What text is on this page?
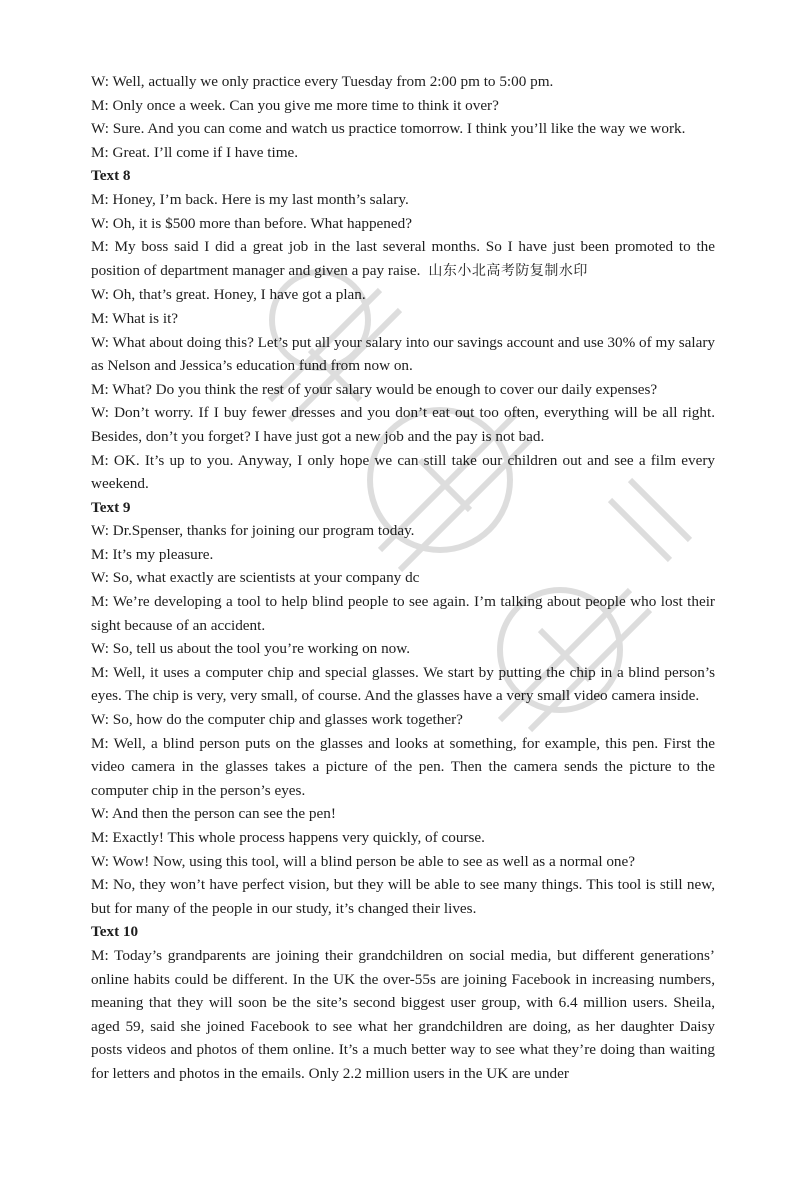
W: Well, actually we only practice every Tuesday from 2:00 pm to 5:00 pm.

M: Only once a week. Can you give me more time to think it over?

W: Sure. And you can come and watch us practice tomorrow. I think you’ll like the way we work.

M: Great. I’ll come if I have time.

Text 8

M: Honey, I’m back. Here is my last month’s salary.

W: Oh, it is $500 more than before. What happened?

M: My boss said I did a great job in the last several months. So I have just been promoted to the position of department manager and given a pay raise. 山东小北高考防复制水印

W: Oh, that’s great. Honey, I have got a plan.

M: What is it?

W: What about doing this? Let’s put all your salary into our savings account and use 30% of my salary as Nelson and Jessica’s education fund from now on.

M: What? Do you think the rest of your salary would be enough to cover our daily expenses?

W: Don’t worry. If I buy fewer dresses and you don’t eat out too often, everything will be all right. Besides, don’t you forget? I have just got a new job and the pay is not bad.

M: OK. It’s up to you. Anyway, I only hope we can still take our children out and see a film every weekend.

Text 9

W: Dr.Spenser, thanks for joining our program today.

M: It’s my pleasure.

W: So, what exactly are scientists at your company dc

M: We’re developing a tool to help blind people to see again. I’m talking about people who lost their sight because of an accident.

W: So, tell us about the tool you’re working on now.

M: Well, it uses a computer chip and special glasses. We start by putting the chip in a blind person’s eyes. The chip is very, very small, of course. And the glasses have a very small video camera inside.

W: So, how do the computer chip and glasses work together?

M: Well, a blind person puts on the glasses and looks at something, for example, this pen. First the video camera in the glasses takes a picture of the pen. Then the camera sends the picture to the computer chip in the person’s eyes.

W: And then the person can see the pen!

M: Exactly! This whole process happens very quickly, of course.

W: Wow! Now, using this tool, will a blind person be able to see as well as a normal one?

M: No, they won’t have perfect vision, but they will be able to see many things. This tool is still new, but for many of the people in our study, it’s changed their lives.

Text 10

M: Today’s grandparents are joining their grandchildren on social media, but different generations’ online habits could be different. In the UK the over-55s are joining Facebook in increasing numbers, meaning that they will soon be the site’s second biggest user group, with 6.4 million users. Sheila, aged 59, said she joined Facebook to see what her grandchildren are doing, as her daughter Daisy posts videos and photos of them online. It’s a much better way to see what they’re doing than waiting for letters and photos in the emails. Only 2.2 million users in the UK are under
